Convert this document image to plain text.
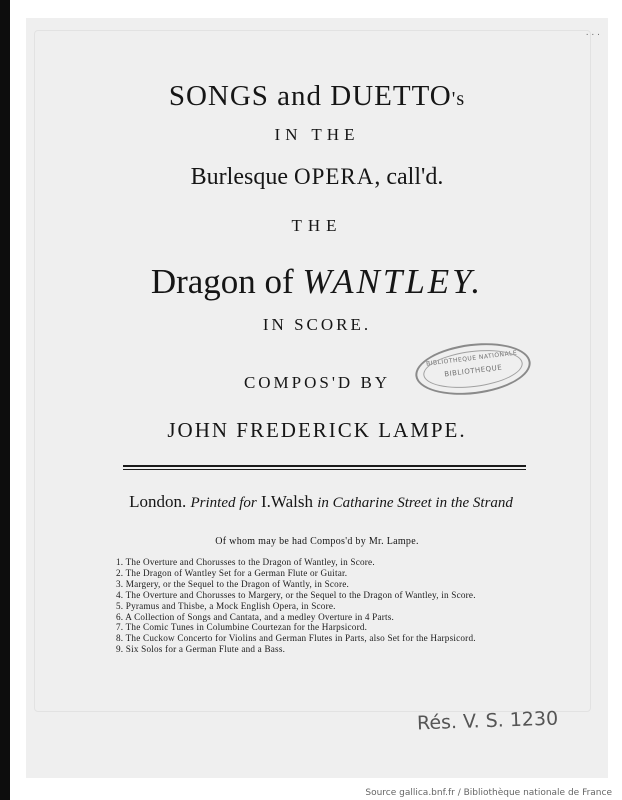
. . .
SONGS and DUETTO's
IN THE
Burlesque OPERA, call'd.
THE
Dragon of WANTLEY.
IN SCORE.
BIBLIOTHEQUE NATIONALE
BIBLIOTHEQUE
COMPOS'D BY
JOHN FREDERICK LAMPE.
London. Printed for I.Walsh in Catharine Street in the Strand
Of whom may be had Compos'd by Mr. Lampe.
1. The Overture and Chorusses to the Dragon of Wantley, in Score.
2. The Dragon of Wantley Set for a German Flute or Guitar.
3. Margery, or the Sequel to the Dragon of Wantly, in Score.
4. The Overture and Chorusses to Margery, or the Sequel to the Dragon of Wantley, in Score.
5. Pyramus and Thisbe, a Mock English Opera, in Score.
6. A Collection of Songs and Cantata, and a medley Overture in 4 Parts.
7. The Comic Tunes in Columbine Courtezan for the Harpsicord.
8. The Cuckow Concerto for Violins and German Flutes in Parts, also Set for the Harpsicord.
9. Six Solos for a German Flute and a Bass.
Rés. V. S. 1230
Source gallica.bnf.fr / Bibliothèque nationale de France
